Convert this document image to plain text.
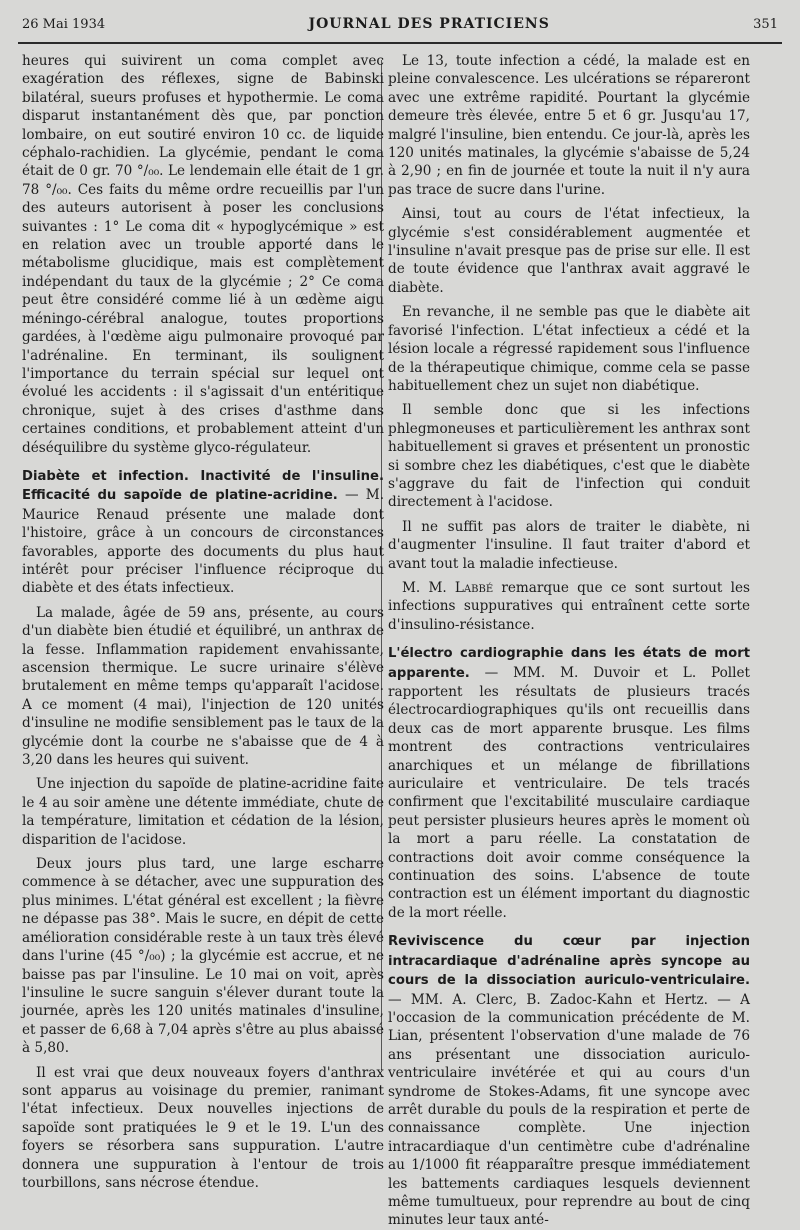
26 Mai 1934	JOURNAL DES PRATICIENS	351

heures qui suivirent un coma complet avec exagération des réflexes, signe de Babinski bilatéral, sueurs profuses et hypothermie. Le coma disparut instantanément dès que, par ponction lombaire, on eut soutiré environ 10 cc. de liquide céphalo-rachidien. La glycémie, pendant le coma était de 0 gr. 70 °/₀₀. Le lendemain elle était de 1 gr. 78 °/₀₀. Ces faits du même ordre recueillis par l'un des auteurs autorisent à poser les conclusions suivantes : 1° Le coma dit « hypoglycémique » est en relation avec un trouble apporté dans le métabolisme glucidique, mais est complètement indépendant du taux de la glycémie ; 2° Ce coma peut être considéré comme lié à un œdème aigu méningo-cérébral analogue, toutes proportions gardées, à l'œdème aigu pulmonaire provoqué par l'adrénaline. En terminant, ils soulignent l'importance du terrain spécial sur lequel ont évolué les accidents : il s'agissait d'un entéritique chronique, sujet à des crises d'asthme dans certaines conditions, et probablement atteint d'un déséquilibre du système glyco-régulateur.

Diabète et infection. Inactivité de l'insuline. Efficacité du sapoïde de platine-acridine. — M. Maurice Renaud présente une malade dont l'histoire, grâce à un concours de circonstances favorables, apporte des documents du plus haut intérêt pour préciser l'influence réciproque du diabète et des états infectieux.

La malade, âgée de 59 ans, présente, au cours d'un diabète bien étudié et équilibré, un anthrax de la fesse. Inflammation rapidement envahissante, ascension thermique. Le sucre urinaire s'élève brutalement en même temps qu'apparaît l'acidose. A ce moment (4 mai), l'injection de 120 unités d'insuline ne modifie sensiblement pas le taux de la glycémie dont la courbe ne s'abaisse que de 4 à 3,20 dans les heures qui suivent.

Une injection du sapoïde de platine-acridine faite le 4 au soir amène une détente immédiate, chute de la température, limitation et cédation de la lésion, disparition de l'acidose.

Deux jours plus tard, une large escharre commence à se détacher, avec une suppuration des plus minimes. L'état général est excellent ; la fièvre ne dépasse pas 38°. Mais le sucre, en dépit de cette amélioration considérable reste à un taux très élevé dans l'urine (45 °/₀₀) ; la glycémie est accrue, et ne baisse pas par l'insuline. Le 10 mai on voit, après l'insuline le sucre sanguin s'élever durant toute la journée, après les 120 unités matinales d'insuline, et passer de 6,68 à 7,04 après s'être au plus abaissé à 5,80.

Il est vrai que deux nouveaux foyers d'anthrax sont apparus au voisinage du premier, ranimant l'état infectieux. Deux nouvelles injections de sapoïde sont pratiquées le 9 et le 19. L'un des foyers se résorbera sans suppuration. L'autre donnera une suppuration à l'entour de trois tourbillons, sans nécrose étendue.

Le 13, toute infection a cédé, la malade est en pleine convalescence. Les ulcérations se répareront avec une extrême rapidité. Pourtant la glycémie demeure très élevée, entre 5 et 6 gr. Jusqu'au 17, malgré l'insuline, bien entendu. Ce jour-là, après les 120 unités matinales, la glycémie s'abaisse de 5,24 à 2,90 ; en fin de journée et toute la nuit il n'y aura pas trace de sucre dans l'urine.

Ainsi, tout au cours de l'état infectieux, la glycémie s'est considérablement augmentée et l'insuline n'avait presque pas de prise sur elle. Il est de toute évidence que l'anthrax avait aggravé le diabète.

En revanche, il ne semble pas que le diabète ait favorisé l'infection. L'état infectieux a cédé et la lésion locale a régressé rapidement sous l'influence de la thérapeutique chimique, comme cela se passe habituellement chez un sujet non diabétique.

Il semble donc que si les infections phlegmoneuses et particulièrement les anthrax sont habituellement si graves et présentent un pronostic si sombre chez les diabétiques, c'est que le diabète s'aggrave du fait de l'infection qui conduit directement à l'acidose.

Il ne suffit pas alors de traiter le diabète, ni d'augmenter l'insuline. Il faut traiter d'abord et avant tout la maladie infectieuse.

M. M. Labbé remarque que ce sont surtout les infections suppuratives qui entraînent cette sorte d'insulino-résistance.

L'électro cardiographie dans les états de mort apparente. — MM. M. Duvoir et L. Pollet rapportent les résultats de plusieurs tracés électrocardiographiques qu'ils ont recueillis dans deux cas de mort apparente brusque. Les films montrent des contractions ventriculaires anarchiques et un mélange de fibrillations auriculaire et ventriculaire. De tels tracés confirment que l'excitabilité musculaire cardiaque peut persister plusieurs heures après le moment où la mort a paru réelle. La constatation de contractions doit avoir comme conséquence la continuation des soins. L'absence de toute contraction est un élément important du diagnostic de la mort réelle.

Reviviscence du cœur par injection intracardiaque d'adrénaline après syncope au cours de la dissociation auriculo-ventriculaire. — MM. A. Clerc, B. Zadoc-Kahn et Hertz. — A l'occasion de la communication précédente de M. Lian, présentent l'observation d'une malade de 76 ans présentant une dissociation auriculo-ventriculaire invétérée et qui au cours d'un syndrome de Stokes-Adams, fit une syncope avec arrêt durable du pouls de la respiration et perte de connaissance complète. Une injection intracardiaque d'un centimètre cube d'adrénaline au 1/1000 fit réapparaître presque immédiatement les battements cardiaques lesquels deviennent même tumultueux, pour reprendre au bout de cinq minutes leur taux anté-
